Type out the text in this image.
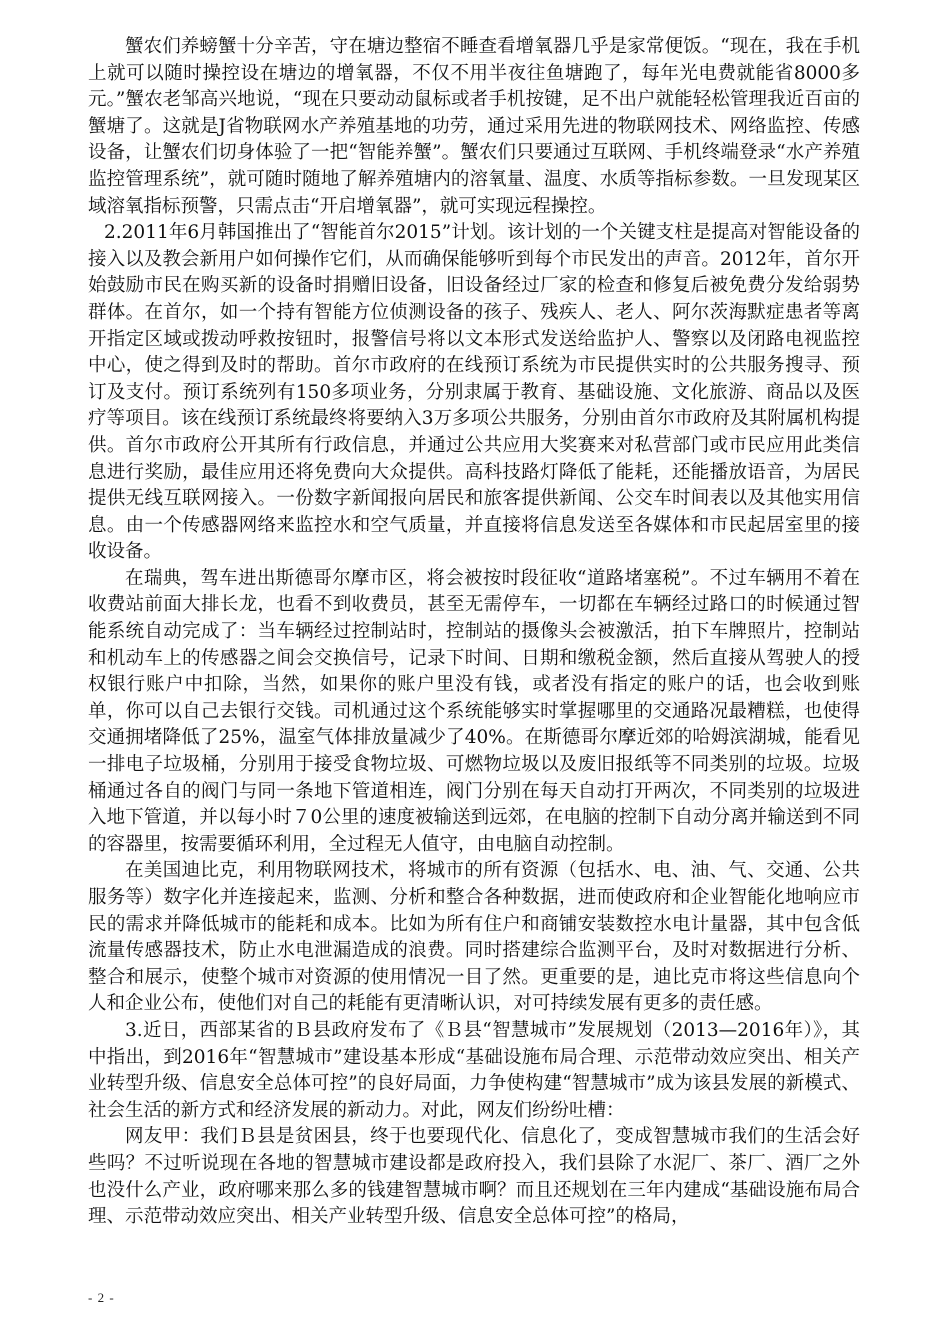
蟹农们养螃蟹十分辛苦，守在塘边整宿不睡查看增氧器几乎是家常便饭。“现在，我在手机上就可以随时操控设在塘边的增氧器，不仅不用半夜往鱼塘跑了，每年光电费就能省8000多元。”蟹农老邹高兴地说，“现在只要动动鼠标或者手机按键，足不出户就能轻松管理我近百亩的蟹塘了。这就是J省物联网水产养殖基地的功劳，通过采用先进的物联网技术、网络监控、传感设备，让蟹农们切身体验了一把“智能养蟹”。蟹农们只要通过互联网、手机终端登录“水产养殖监控管理系统”，就可随时随地了解养殖塘内的溶氧量、温度、水质等指标参数。一旦发现某区域溶氧指标预警，只需点击“开启增氧器”，就可实现远程操控。

2.2011年6月韩国推出了“智能首尔2015”计划。该计划的一个关键支柱是提高对智能设备的接入以及教会新用户如何操作它们，从而确保能够听到每个市民发出的声音。2012年，首尔开始鼓励市民在购买新的设备时捐赠旧设备，旧设备经过厂家的检查和修复后被免费分发给弱势群体。在首尔，如一个持有智能方位侦测设备的孩子、残疾人、老人、阿尔茨海默症患者等离开指定区域或拨动呼救按钮时，报警信号将以文本形式发送给监护人、警察以及闭路电视监控中心，使之得到及时的帮助。首尔市政府的在线预订系统为市民提供实时的公共服务搜寻、预订及支付。预订系统列有150多项业务，分别隶属于教育、基础设施、文化旅游、商品以及医疗等项目。该在线预订系统最终将要纳入3万多项公共服务，分别由首尔市政府及其附属机构提供。首尔市政府公开其所有行政信息，并通过公共应用大奖赛来对私营部门或市民应用此类信息进行奖励，最佳应用还将免费向大众提供。高科技路灯降低了能耗，还能播放语音，为居民提供无线互联网接入。一份数字新闻报向居民和旅客提供新闻、公交车时间表以及其他实用信息。由一个传感器网络来监控水和空气质量，并直接将信息发送至各媒体和市民起居室里的接收设备。

在瑞典，驾车进出斯德哥尔摩市区，将会被按时段征收“道路堵塞税”。不过车辆用不着在收费站前面大排长龙，也看不到收费员，甚至无需停车，一切都在车辆经过路口的时候通过智能系统自动完成了：当车辆经过控制站时，控制站的摄像头会被激活，拍下车牌照片，控制站和机动车上的传感器之间会交换信号，记录下时间、日期和缴税金额，然后直接从驾驶人的授权银行账户中扣除，当然，如果你的账户里没有钱，或者没有指定的账户的话，也会收到账单，你可以自己去银行交钱。司机通过这个系统能够实时掌握哪里的交通路况最糟糕，也使得交通拥堵降低了25%，温室气体排放量减少了40%。在斯德哥尔摩近郊的哈姆滨湖城，能看见一排电子垃圾桶，分别用于接受食物垃圾、可燃物垃圾以及废旧报纸等不同类别的垃圾。垃圾桶通过各自的阀门与同一条地下管道相连，阀门分别在每天自动打开两次，不同类别的垃圾进入地下管道，并以每小时７0公里的速度被输送到远郊，在电脑的控制下自动分离并输送到不同的容器里，按需要循环利用，全过程无人值守，由电脑自动控制。

在美国迪比克，利用物联网技术，将城市的所有资源（包括水、电、油、气、交通、公共服务等）数字化并连接起来，监测、分析和整合各种数据，进而使政府和企业智能化地响应市民的需求并降低城市的能耗和成本。比如为所有住户和商铺安装数控水电计量器，其中包含低流量传感器技术，防止水电泄漏造成的浪费。同时搭建综合监测平台，及时对数据进行分析、整合和展示，使整个城市对资源的使用情况一目了然。更重要的是，迪比克市将这些信息向个人和企业公布，使他们对自己的耗能有更清晰认识，对可持续发展有更多的责任感。

3.近日，西部某省的Ｂ县政府发布了《Ｂ县“智慧城市”发展规划（2013—2016年）》，其中指出，到2016年“智慧城市”建设基本形成“基础设施布局合理、示范带动效应突出、相关产业转型升级、信息安全总体可控”的良好局面，力争使构建“智慧城市”成为该县发展的新模式、社会生活的新方式和经济发展的新动力。对此，网友们纷纷吐槽：

网友甲：我们Ｂ县是贫困县，终于也要现代化、信息化了，变成智慧城市我们的生活会好些吗？不过听说现在各地的智慧城市建设都是政府投入，我们县除了水泥厂、茶厂、酒厂之外也没什么产业，政府哪来那么多的钱建智慧城市啊？而且还规划在三年内建成“基础设施布局合理、示范带动效应突出、相关产业转型升级、信息安全总体可控”的格局，

- 2 -
